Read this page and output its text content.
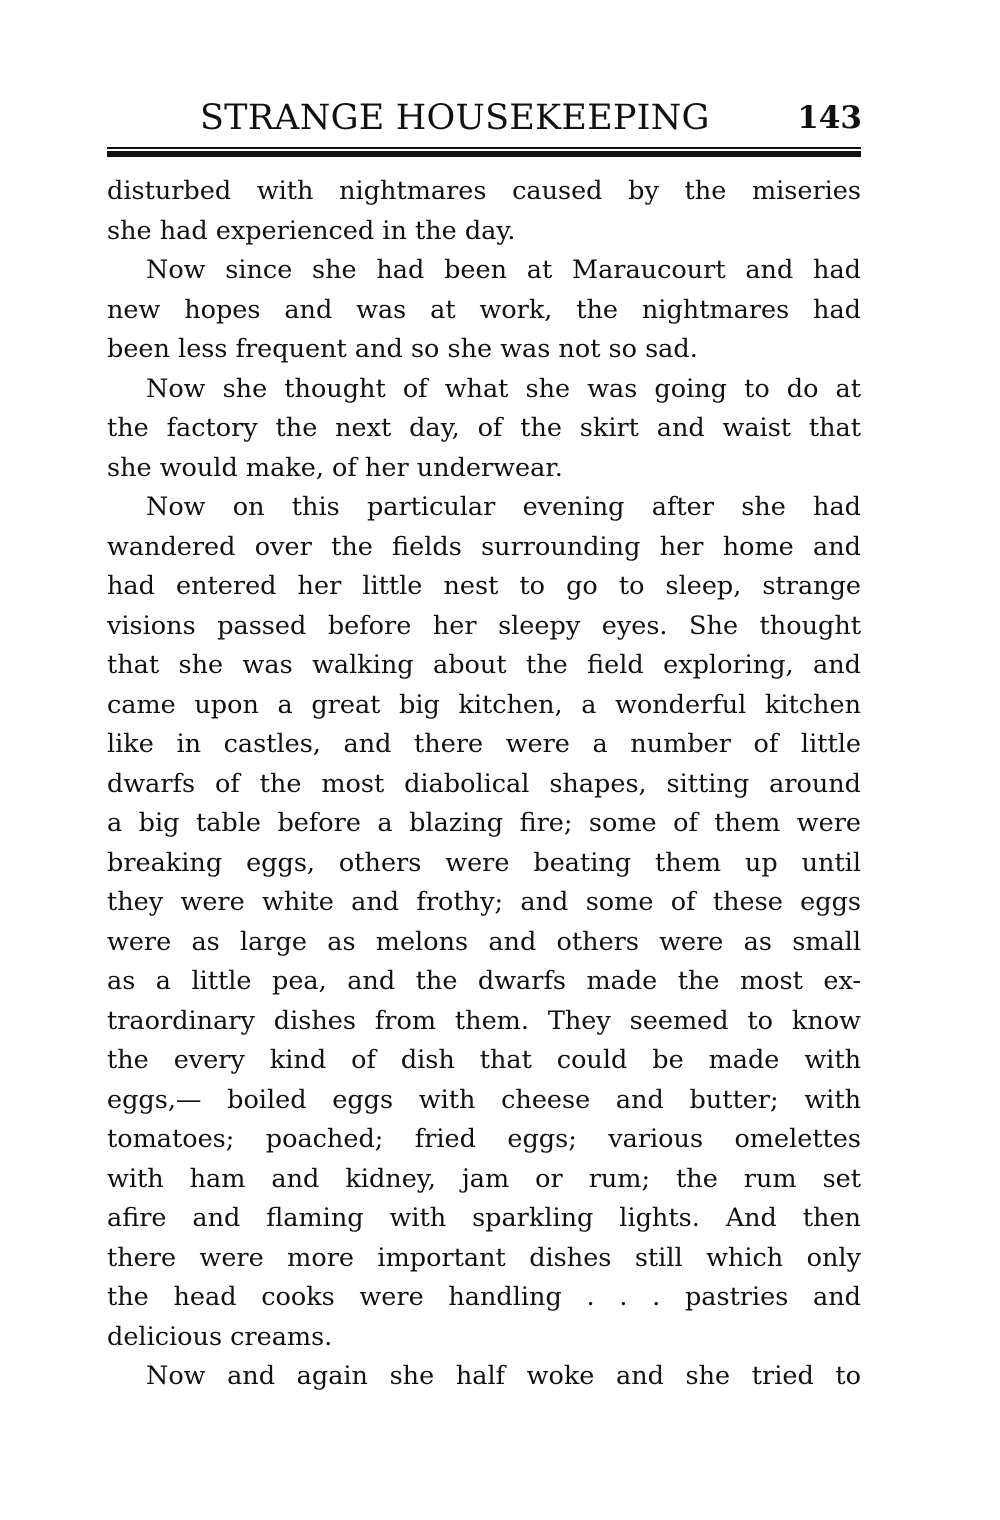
STRANGE HOUSEKEEPING	143
disturbed with nightmares caused by the miseries
she had experienced in the day.
Now since she had been at Maraucourt and had
new hopes and was at work, the nightmares had
been less frequent and so she was not so sad.
Now she thought of what she was going to do at
the factory the next day, of the skirt and waist that
she would make, of her underwear.
Now on this particular evening after she had
wandered over the fields surrounding her home and
had entered her little nest to go to sleep, strange
visions passed before her sleepy eyes. She thought
that she was walking about the field exploring, and
came upon a great big kitchen, a wonderful kitchen
like in castles, and there were a number of little
dwarfs of the most diabolical shapes, sitting around
a big table before a blazing fire; some of them were
breaking eggs, others were beating them up until
they were white and frothy; and some of these eggs
were as large as melons and others were as small
as a little pea, and the dwarfs made the most ex-
traordinary dishes from them. They seemed to know
the every kind of dish that could be made with
eggs,— boiled eggs with cheese and butter; with
tomatoes; poached; fried eggs; various omelettes
with ham and kidney, jam or rum; the rum set
afire and flaming with sparkling lights. And then
there were more important dishes still which only
the head cooks were handling . . . pastries and
delicious creams.
Now and again she half woke and she tried to
